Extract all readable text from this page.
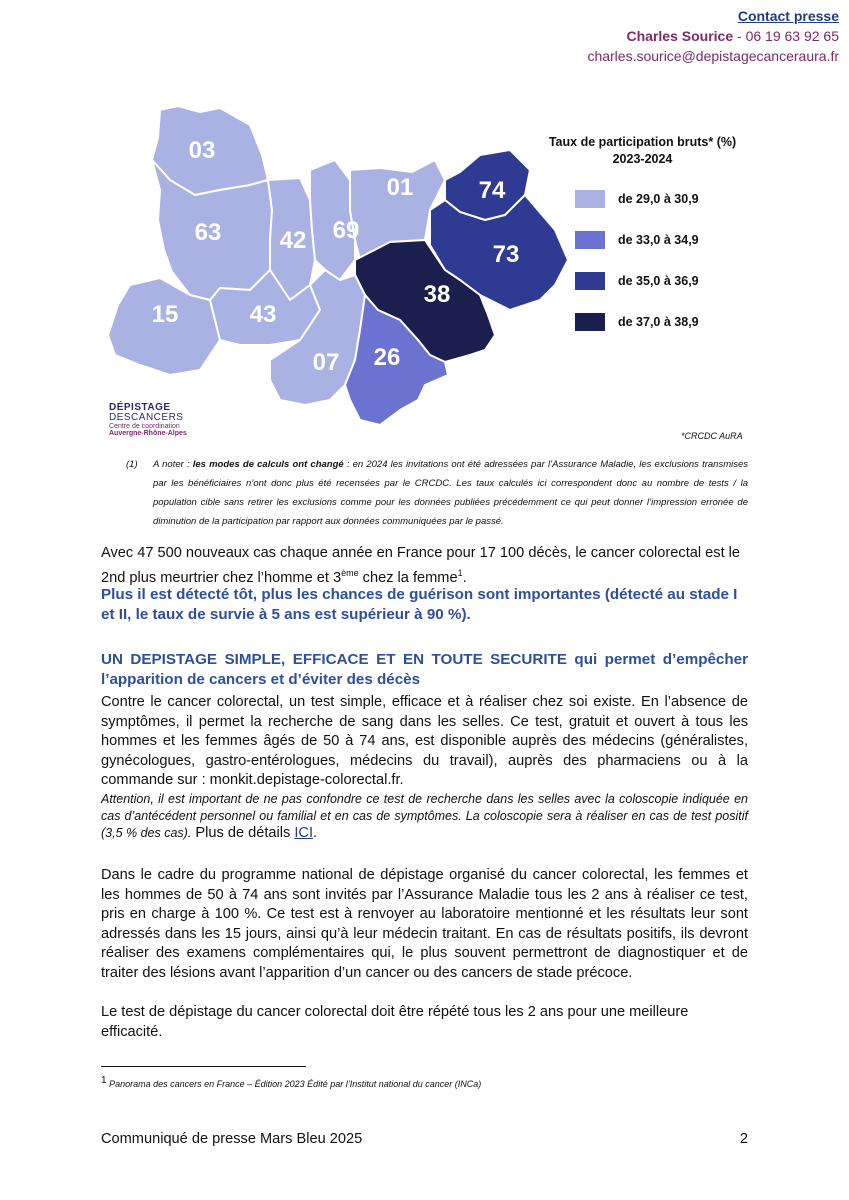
Contact presse
Charles Sourice - 06 19 63 92 65
charles.sourice@depistagecanceraura.fr
03
63 42 69
01	74
73
38
15	43
07 26
Taux de participation bruts* (%)
2023-2024
de 29,0 à 30,9
de 33,0 à 34,9
de 35,0 à 36,9
de 37,0 à 38,9
DÉPISTAGE
DESCANCERS
Centre de coordination
Auvergne-Rhône-Alpes	*CRCDC AuRA
(1) A noter : les modes de calculs ont changé : en 2024 les invitations ont été adressées par l’Assurance Maladie, les exclusions transmises par les bénéficiaires n’ont donc plus été recensées par le CRCDC. Les taux calculés ici correspondent donc au nombre de tests / la population cible sans retirer les exclusions comme pour les données publiées précédemment ce qui peut donner l’impression erronée de diminution de la participation par rapport aux données communiquées par le passé.
Avec 47 500 nouveaux cas chaque année en France pour 17 100 décès, le cancer colorectal est le 2nd plus meurtrier chez l’homme et 3ème chez la femme$^1$.
Plus il est détecté tôt, plus les chances de guérison sont importantes (détecté au stade I et II, le taux de survie à 5 ans est supérieur à 90 %).
UN DEPISTAGE SIMPLE, EFFICACE ET EN TOUTE SECURITE qui permet d’empêcher l’apparition de cancers et d’éviter des décès
Contre le cancer colorectal, un test simple, efficace et à réaliser chez soi existe. En l’absence de symptômes, il permet la recherche de sang dans les selles. Ce test, gratuit et ouvert à tous les hommes et les femmes âgés de 50 à 74 ans, est disponible auprès des médecins (généralistes, gynécologues, gastro-entérologues, médecins du travail), auprès des pharmaciens ou à la commande sur : monkit.depistage-colorectal.fr.
Attention, il est important de ne pas confondre ce test de recherche dans les selles avec la coloscopie indiquée en cas d’antécédent personnel ou familial et en cas de symptômes. La coloscopie sera à réaliser en cas de test positif (3,5 % des cas). Plus de détails ICI.
Dans le cadre du programme national de dépistage organisé du cancer colorectal, les femmes et les hommes de 50 à 74 ans sont invités par l’Assurance Maladie tous les 2 ans à réaliser ce test, pris en charge à 100 %. Ce test est à renvoyer au laboratoire mentionné et les résultats leur sont adressés dans les 15 jours, ainsi qu’à leur médecin traitant. En cas de résultats positifs, ils devront réaliser des examens complémentaires qui, le plus souvent permettront de diagnostiquer et de traiter des lésions avant l’apparition d’un cancer ou des cancers de stade précoce.
Le test de dépistage du cancer colorectal doit être répété tous les 2 ans pour une meilleure efficacité.
$^1$ Panorama des cancers en France – Édition 2023 Édité par l’Institut national du cancer (INCa)
Communiqué de presse Mars Bleu 2025	2
